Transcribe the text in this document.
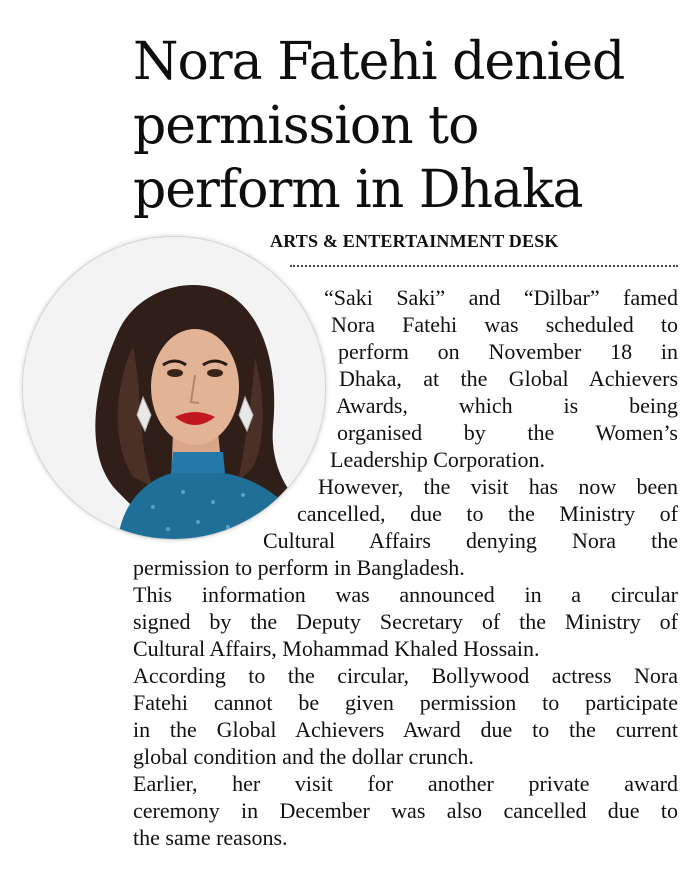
Nora Fatehi denied
permission to
perform in Dhaka
ARTS & ENTERTAINMENT DESK
“Saki Saki” and “Dilbar” famed
Nora Fatehi was scheduled to
perform on November 18 in
Dhaka, at the Global Achievers
Awards, which is being
organised by the Women’s
Leadership Corporation.
However, the visit has now been
cancelled, due to the Ministry of
Cultural Affairs denying Nora the
permission to perform in Bangladesh.
This information was announced in a circular
signed by the Deputy Secretary of the Ministry of
Cultural Affairs, Mohammad Khaled Hossain.
According to the circular, Bollywood actress Nora
Fatehi cannot be given permission to participate
in the Global Achievers Award due to the current
global condition and the dollar crunch.
Earlier, her visit for another private award
ceremony in December was also cancelled due to
the same reasons.
